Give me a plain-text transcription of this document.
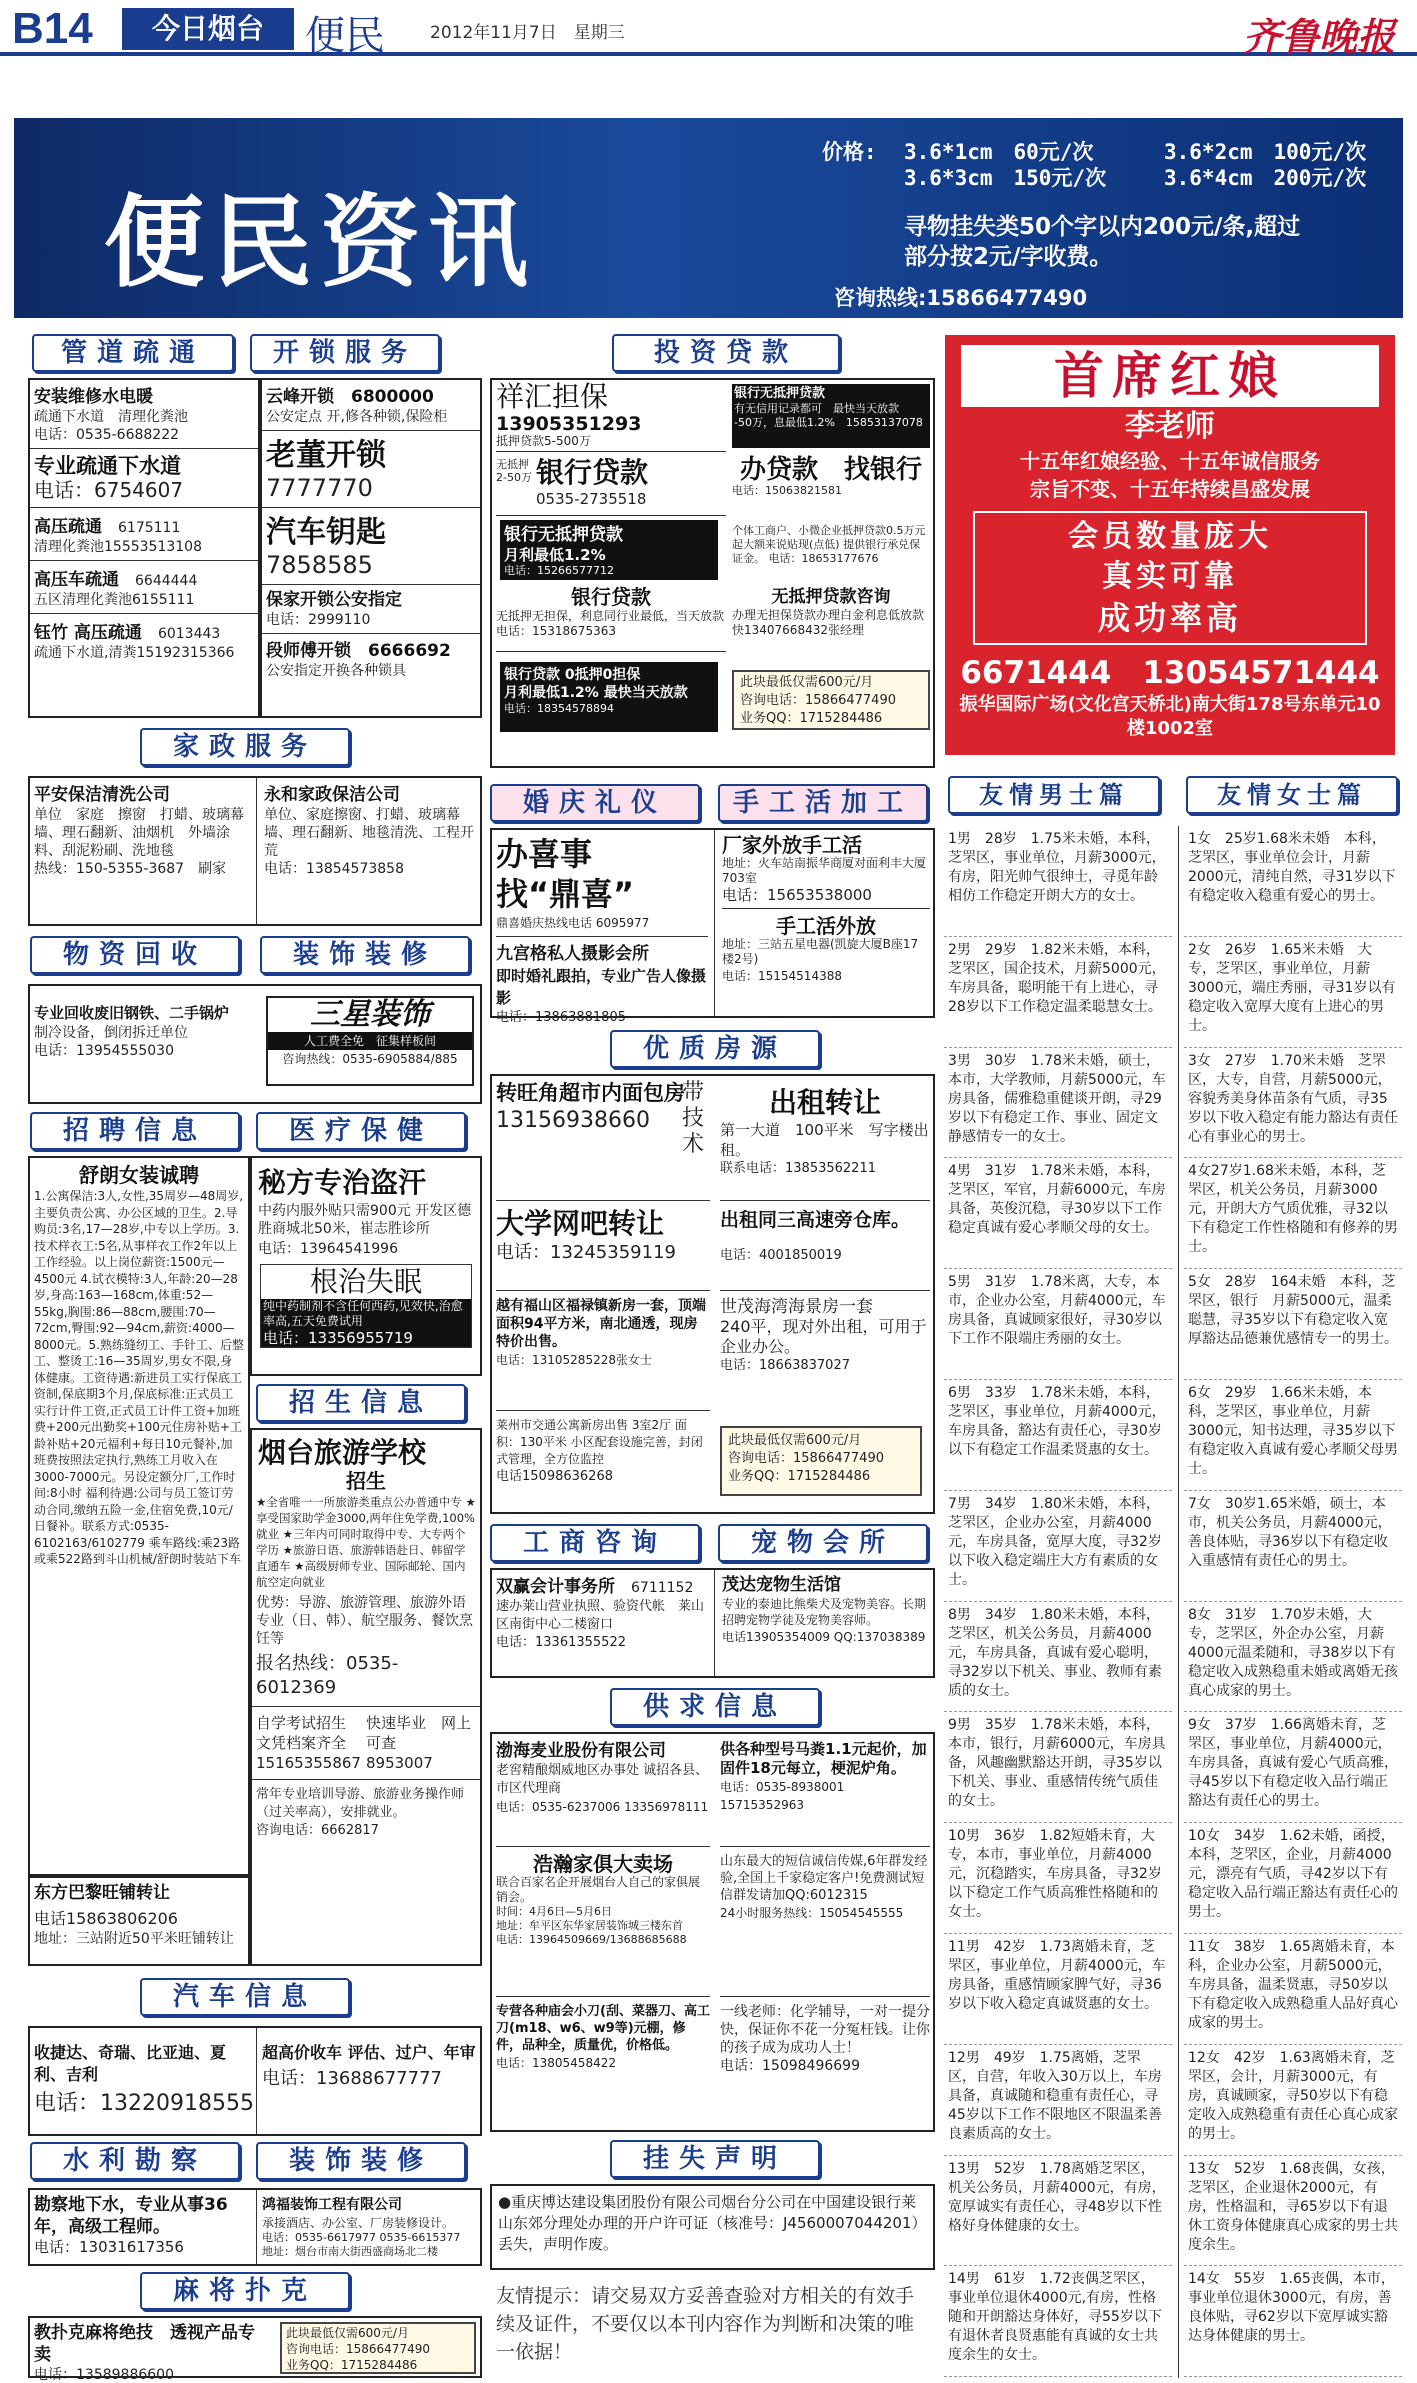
B14	今日烟台	便民	2012年11月7日　星期三	齐鲁晚报
便民资讯
价格: 3.6*1cm　60元/次	3.6*2cm　100元/次
3.6*3cm　150元/次	3.6*4cm　200元/次
寻物挂失类50个字以内200元/条,超过
部分按2元/字收费。
咨询热线:15866477490
管道疏通	开锁服务
安装维修水电暖
疏通下水道　清理化粪池
电话：0535-6688222
专业疏通下水道
电话：6754607
高压疏通　 6175111
清理化粪池15553513108
高压车疏通　 6644444
五区清理化粪池6155111
钰竹 高压疏通　 6013443
疏通下水道,清粪15192315366
云峰开锁　6800000
公安定点 开,修各种锁,保险柜
老董开锁
7777770
汽车钥匙
7858585
保家开锁公安指定
电话：2999110
段师傅开锁　6666692
公安指定开换各种锁具
家政服务
平安保洁清洗公司
单位　家庭　擦窗　打蜡、玻璃幕墙、理石翻新、油烟机　外墙涂料、刮泥粉刷、洗地毯
热线：150-5355-3687　刷家
永和家政保洁公司
单位、家庭擦窗、打蜡、玻璃幕墙、理石翻新、地毯清洗、工程开荒
电话：13854573858
物资回收	装饰装修
专业回收废旧钢铁、二手锅炉
制冷设备，倒闭拆迁单位
电话：13954555030
三星装饰
人工费全免　征集样板间
咨询热线：0535-6905884/885
招聘信息	医疗保健
舒朗女装诚聘
1.公寓保洁:3人,女性,35周岁—48周岁,主要负责公寓、办公区域的卫生。2.导购员:3名,17—28岁,中专以上学历。3.技术样衣工:5名,从事样衣工作2年以上工作经验。以上岗位薪资:1500元—4500元 4.试衣模特:3人,年龄:20—28岁,身高:163—168cm,体重:52—55kg,胸围:86—88cm,腰围:70—72cm,臀围:92—94cm,薪资:4000—8000元。5.熟练缝纫工、手针工、后整工、整烫工:16—35周岁,男女不限,身体健康。工资待遇:新进员工实行保底工资制,保底期3个月,保底标准:正式员工实行计件工资,正式员工计件工资+加班费+200元出勤奖+100元住房补贴+工龄补贴+20元福利+每日10元餐补,加班费按照法定执行,熟练工月收入在3000-7000元。另设定额分厂,工作时间:8小时 福利待遇:公司与员工签订劳动合同,缴纳五险一金,住宿免费,10元/日餐补。联系方式:0535-6102163/6102779 乘车路线:乘23路或乘522路到斗山机械/舒朗时装站下车
东方巴黎旺铺转让
电话15863806206
地址：三站附近50平米旺铺转让
秘方专治盗汗
中药内服外贴只需900元 开发区德胜商城北50米，崔志胜诊所
电话：13964541996
根治失眠
纯中药制剂不含任何西药,见效快,治愈率高,五天免费试用
电话：13356955719
招生信息
烟台旅游学校
招生
★全省唯一一所旅游类重点公办普通中专 ★享受国家助学金3000,两年住免学费,100%就业 ★三年内可同时取得中专、大专两个学历 ★旅游日语、旅游韩语赴日、韩留学直通车 ★高级厨师专业、国际邮轮、国内航空定向就业
优势：导游、旅游管理、旅游外语专业（日、韩）、航空服务、餐饮烹饪等
报名热线：0535-6012369
自学考试招生　文凭档案齐全　15165355867
快速毕业　网上可查　8953007
常年专业培训导游、旅游业务操作师（过关率高），安排就业。
咨询电话：6662817
汽车信息
收捷达、奇瑞、比亚迪、夏利、吉利
电话：13220918555
超高价收车 评估、过户、年审
电话：13688677777
水利勘察	装饰装修
勘察地下水，专业从事36年，高级工程师。
电话：13031617356
鸿福装饰工程有限公司
承接酒店、办公室、厂房装修设计。
电话：0535-6617977 0535-6615377
地址：烟台市南大街西盛商场北二楼
麻将扑克
教扑克麻将绝技　透视产品专卖
电话：13589886600
此块最低仅需600元/月
咨询电话：15866477490
业务QQ：1715284486
投资贷款
祥汇担保
13905351293
抵押贷款5-500万
银行无抵押贷款
有无信用记录都可　最快当天放款
-50万，息最低1.2%　15853137078
银行贷款
0535-2735518
无抵押 2-50万	办贷款　找银行
电话：15063821581
银行无抵押贷款
月利最低1.2%
电话：15266577712
个体工商户、小微企业抵押贷款0.5万元起大额来说贴现(点低) 提供银行承兑保证金。 电话：18653177676
银行贷款
无抵押无担保，利息同行业最低，当天放款
电话：15318675363
无抵押贷款咨询
办理无担保贷款办理白金利息低放款快13407668432张经理
银行贷款 0抵押0担保
月利最低1.2% 最快当天放款
电话：18354578894
此块最低仅需600元/月
咨询电话：15866477490
业务QQ：1715284486
婚庆礼仪	手工活加工
办喜事　找“鼎喜”
鼎喜婚庆热线电话 6095977
九宫格私人摄影会所
即时婚礼跟拍，专业广告人像摄影
电话：13863881805
厂家外放手工活
地址：火车站南振华商厦对面利丰大厦703室
电话：15653538000
手工活外放
地址：三站五星电器(凯旋大厦B座17楼2号)
电话：15154514388
优质房源
转旺角超市内面包房
13156938660
带技术
出租转让
第一大道　100平米　写字楼出租。
联系电话：13853562211
大学网吧转让
电话：13245359119
出租同三高速旁仓库。
电话：4001850019
越有福山区福禄镇新房一套，顶端面积94平方米，南北通透，现房特价出售。
电话：13105285228张女士
世茂海湾海景房一套
240平，现对外出租，可用于企业办公。
电话：18663837027
莱州市交通公寓新房出售 3室2厅 面积：130平米 小区配套设施完善，封闭式管理，全方位监控
电话15098636268
此块最低仅需600元/月
咨询电话：15866477490
业务QQ：1715284486
工商咨询	宠物会所
双赢会计事务所　 6711152
速办莱山营业执照、验资代帐　莱山区南街中心二楼窗口
电话：13361355522
茂达宠物生活馆
专业的泰迪比熊柴犬及宠物美容。长期招聘宠物学徒及宠物美容师。
电话13905354009 QQ:137038389
供求信息
渤海麦业股份有限公司
老窖精酿烟威地区办事处 诚招各县、市区代理商
电话：0535-6237006 13356978111
供各种型号马粪1.1元起价，加固件18元每立，梗泥炉角。
电话：0535-8938001　15715352963
浩瀚家俱大卖场
联合百家名企开展烟台人自己的家俱展销会。
时间：4月6日—5月6日
地址：牟平区东华家居装饰城三楼东首
电话：13964509669/13688685688
山东最大的短信诚信传媒,6年群发经验,全国上千家稳定客户!免费测试短信群发请加QQ:6012315
24小时服务热线：15054545555
专营各种庙会小刀(刮、菜器刀、高工刀(m18、w6、w9等)元棚，修件，品种全，质量优，价格低。
电话：13805458422
一线老师：化学辅导，一对一提分快，保证你不花一分冤枉钱。让你的孩子成为成功人士！
电话：15098496699
挂失声明
●重庆博达建设集团股份有限公司烟台分公司在中国建设银行莱山东郊分理处办理的开户许可证（核准号：J4560007044201）丢失，声明作废。
友情提示：请交易双方妥善查验对方相关的有效手续及证件，不要仅以本刊内容作为判断和决策的唯一依据！
首席红娘
李老师
十五年红娘经验、十五年诚信服务
宗旨不变、十五年持续昌盛发展
会员数量庞大
真实可靠
成功率高
6671444　13054571444
振华国际广场(文化宫天桥北)南大街178号东单元10楼1002室
友情男士篇	友情女士篇
1男　28岁　1.75米未婚，本科，芝罘区，事业单位，月薪3000元，有房，阳光帅气很绅士，寻觅年龄相仿工作稳定开朗大方的女士。
2男　29岁　1.82米未婚，本科，芝罘区，国企技术，月薪5000元，车房具备，聪明能干有上进心，寻28岁以下工作稳定温柔聪慧女士。
3男　30岁　1.78米未婚，硕士，本市，大学教师，月薪5000元，车房具备，儒雅稳重健谈开朗，寻29岁以下有稳定工作、事业、固定文静感情专一的女士。
4男　31岁　1.78米未婚，本科，芝罘区，军官，月薪6000元，车房具备，英俊沉稳，寻30岁以下工作稳定真诚有爱心孝顺父母的女士。
5男　31岁　1.78米离，大专，本市，企业办公室，月薪4000元，车房具备，真诚顾家很好，寻30岁以下工作不限端庄秀丽的女士。
6男　33岁　1.78米未婚，本科，芝罘区，事业单位，月薪4000元，车房具备，豁达有责任心，寻30岁以下有稳定工作温柔贤惠的女士。
7男　34岁　1.80米未婚，本科，芝罘区，企业办公室，月薪4000元，车房具备，宽厚大度，寻32岁以下收入稳定端庄大方有素质的女士。
8男　34岁　1.80米未婚，本科，芝罘区，机关公务员，月薪4000元，车房具备，真诚有爱心聪明，寻32岁以下机关、事业、教师有素质的女士。
9男　35岁　1.78米未婚，本科，本市，银行，月薪6000元，车房具备，风趣幽默豁达开朗，寻35岁以下机关、事业、重感情传统气质佳的女士。
10男　36岁　1.82短婚未育，大专，本市，事业单位，月薪4000元，沉稳踏实，车房具备，寻32岁以下稳定工作气质高雅性格随和的女士。
11男　42岁　1.73离婚未育，芝罘区，事业单位，月薪4000元，车房具备，重感情顾家脾气好，寻36岁以下收入稳定真诚贤惠的女士。
12男　49岁　1.75离婚，芝罘区，自营，年收入30万以上，车房具备，真诚随和稳重有责任心，寻45岁以下工作不限地区不限温柔善良素质高的女士。
13男　52岁　1.78离婚芝罘区，机关公务员，月薪4000元，有房，宽厚诚实有责任心，寻48岁以下性格好身体健康的女士。
14男　61岁　1.72丧偶芝罘区，事业单位退休4000元,有房，性格随和开朗豁达身体好，寻55岁以下有退休者良贤惠能有真诚的女士共度余生的女士。
1女　25岁1.68米未婚　本科，芝罘区，事业单位会计，月薪2000元，清纯自然，寻31岁以下有稳定收入稳重有爱心的男士。
2女　26岁　1.65米未婚　大专，芝罘区，事业单位，月薪3000元，端庄秀丽，寻31岁以有稳定收入宽厚大度有上进心的男士。
3女　27岁　1.70米未婚　芝罘区，大专，自营，月薪5000元，容貌秀美身体苗条有气质，寻35岁以下收入稳定有能力豁达有责任心有事业心的男士。
4女27岁1.68米未婚，本科，芝罘区，机关公务员，月薪3000元，开朗大方气质优雅，寻32以下有稳定工作性格随和有修养的男士。
5女　28岁　164未婚　本科，芝罘区，银行　月薪5000元，温柔聪慧，寻35岁以下有稳定收入宽厚豁达品德兼优感情专一的男士。
6女　29岁　1.66米未婚，本科，芝罘区，事业单位，月薪3000元，知书达理，寻35岁以下有稳定收入真诚有爱心孝顺父母男士。
7女　30岁1.65米婚，硕士，本市，机关公务员，月薪4000元，善良体贴，寻36岁以下有稳定收入重感情有责任心的男士。
8女　31岁　1.70岁未婚，大专，芝罘区，外企办公室，月薪4000元温柔随和，寻38岁以下有稳定收入成熟稳重未婚或离婚无孩真心成家的男士。
9女　37岁　1.66离婚未育，芝罘区，事业单位，月薪4000元，车房具备，真诚有爱心气质高雅，寻45岁以下有稳定收入品行端正豁达有责任心的男士。
10女　34岁　1.62未婚，函授，本科，芝罘区，企业，月薪4000元，漂亮有气质，寻42岁以下有稳定收入品行端正豁达有责任心的男士。
11女　38岁　1.65离婚未育，本科，企业办公室，月薪5000元，车房具备，温柔贤惠，寻50岁以下有稳定收入成熟稳重人品好真心成家的男士。
12女　42岁　1.63离婚未育，芝罘区，会计，月薪3000元，有房，真诚顾家，寻50岁以下有稳定收入成熟稳重有责任心真心成家的男士。
13女　52岁　1.68丧偶，女孩，芝罘区，企业退休2000元，有房，性格温和，寻65岁以下有退休工资身体健康真心成家的男士共度余生。
14女　55岁　1.65丧偶，本市，事业单位退休3000元，有房，善良体贴，寻62岁以下宽厚诚实豁达身体健康的男士。
